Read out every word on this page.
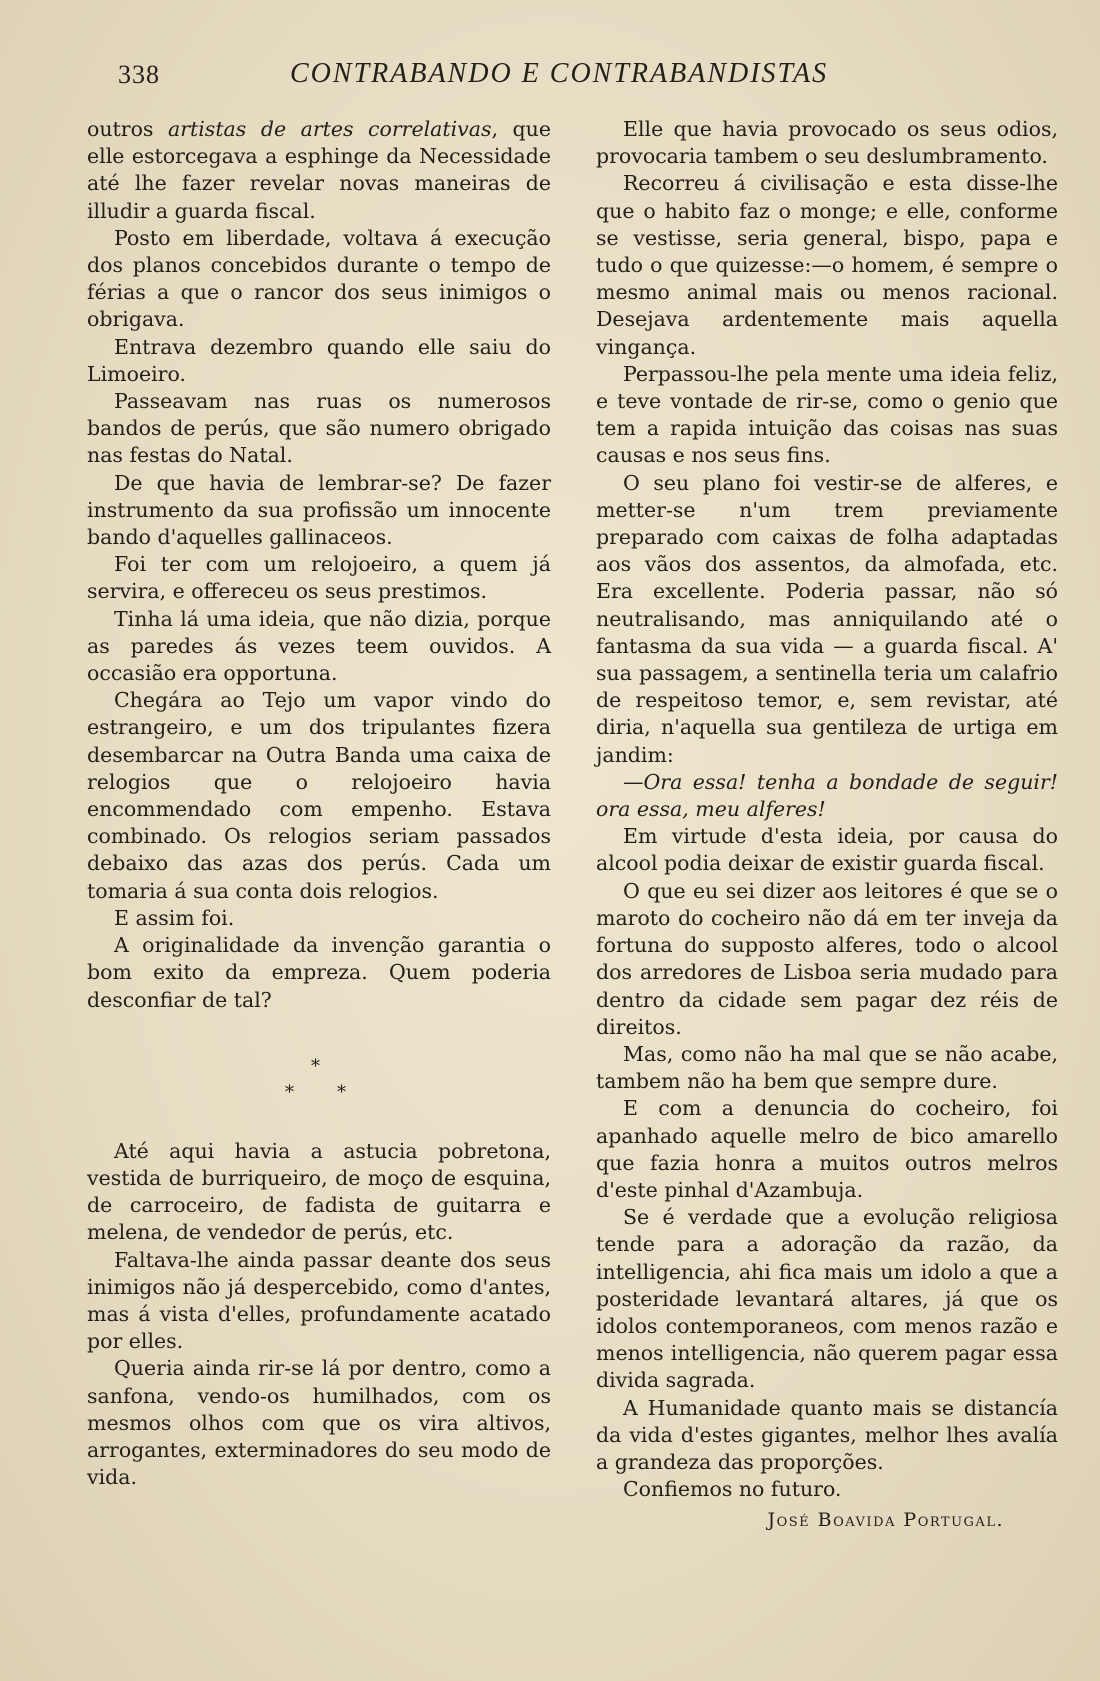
338	CONTRABANDO E CONTRABANDISTAS

outros artistas de artes correlativas, que elle estorcegava a esphinge da Necessidade até lhe fazer revelar novas maneiras de illudir a guarda fiscal.

Posto em liberdade, voltava á execução dos planos concebidos durante o tempo de férias a que o rancor dos seus inimigos o obrigava.

Entrava dezembro quando elle saiu do Limoeiro.

Passeavam nas ruas os numerosos bandos de perús, que são numero obrigado nas festas do Natal.

De que havia de lembrar-se? De fazer instrumento da sua profissão um innocente bando d'aquelles gallinaceos.

Foi ter com um relojoeiro, a quem já servira, e offereceu os seus prestimos.

Tinha lá uma ideia, que não dizia, porque as paredes ás vezes teem ouvidos. A occasião era opportuna.

Chegára ao Tejo um vapor vindo do estrangeiro, e um dos tripulantes fizera desembarcar na Outra Banda uma caixa de relogios que o relojoeiro havia encommendado com empenho. Estava combinado. Os relogios seriam passados debaixo das azas dos perús. Cada um tomaria á sua conta dois relogios.

E assim foi.

A originalidade da invenção garantia o bom exito da empreza. Quem poderia desconfiar de tal?

*
* *

Até aqui havia a astucia pobretona, vestida de burriqueiro, de moço de esquina, de carroceiro, de fadista de guitarra e melena, de vendedor de perús, etc.

Faltava-lhe ainda passar deante dos seus inimigos não já despercebido, como d'antes, mas á vista d'elles, profundamente acatado por elles.

Queria ainda rir-se lá por dentro, como a sanfona, vendo-os humilhados, com os mesmos olhos com que os vira altivos, arrogantes, exterminadores do seu modo de vida.

Elle que havia provocado os seus odios, provocaria tambem o seu deslumbramento.

Recorreu á civilisação e esta disse-lhe que o habito faz o monge; e elle, conforme se vestisse, seria general, bispo, papa e tudo o que quizesse:—o homem, é sempre o mesmo animal mais ou menos racional. Desejava ardentemente mais aquella vingança.

Perpassou-lhe pela mente uma ideia feliz, e teve vontade de rir-se, como o genio que tem a rapida intuição das coisas nas suas causas e nos seus fins.

O seu plano foi vestir-se de alferes, e metter-se n'um trem previamente preparado com caixas de folha adaptadas aos vãos dos assentos, da almofada, etc. Era excellente. Poderia passar, não só neutralisando, mas anniquilando até o fantasma da sua vida — a guarda fiscal. A' sua passagem, a sentinella teria um calafrio de respeitoso temor, e, sem revistar, até diria, n'aquella sua gentileza de urtiga em jandim:

—Ora essa! tenha a bondade de seguir! ora essa, meu alferes!

Em virtude d'esta ideia, por causa do alcool podia deixar de existir guarda fiscal.

O que eu sei dizer aos leitores é que se o maroto do cocheiro não dá em ter inveja da fortuna do supposto alferes, todo o alcool dos arredores de Lisboa seria mudado para dentro da cidade sem pagar dez réis de direitos.

Mas, como não ha mal que se não acabe, tambem não ha bem que sempre dure.

E com a denuncia do cocheiro, foi apanhado aquelle melro de bico amarello que fazia honra a muitos outros melros d'este pinhal d'Azambuja.

Se é verdade que a evolução religiosa tende para a adoração da razão, da intelligencia, ahi fica mais um idolo a que a posteridade levantará altares, já que os idolos contemporaneos, com menos razão e menos intelligencia, não querem pagar essa divida sagrada.

A Humanidade quanto mais se distancía da vida d'estes gigantes, melhor lhes avalía a grandeza das proporções.

Confiemos no futuro.

José Boavida Portugal.
